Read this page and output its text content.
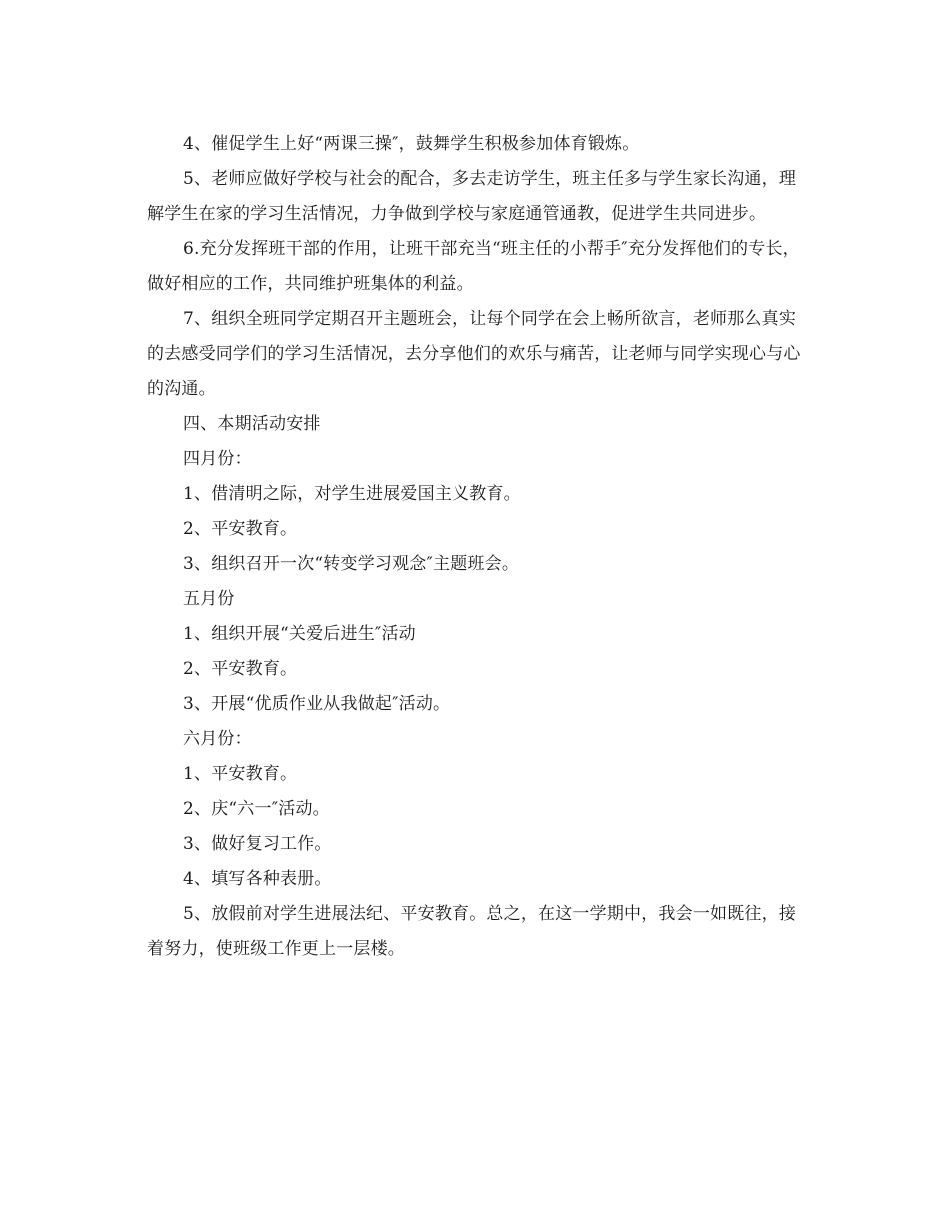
4、催促学生上好“两课三操″，鼓舞学生积极参加体育锻炼。

5、老师应做好学校与社会的配合，多去走访学生，班主任多与学生家长沟通，理解学生在家的学习生活情况，力争做到学校与家庭通管通教，促进学生共同进步。

6.充分发挥班干部的作用，让班干部充当“班主任的小帮手″充分发挥他们的专长，做好相应的工作，共同维护班集体的利益。

7、组织全班同学定期召开主题班会，让每个同学在会上畅所欲言，老师那么真实的去感受同学们的学习生活情况，去分享他们的欢乐与痛苦，让老师与同学实现心与心的沟通。

四、本期活动安排

四月份：

1、借清明之际，对学生进展爱国主义教育。

2、平安教育。

3、组织召开一次“转变学习观念″主题班会。

五月份

1、组织开展“关爱后进生″活动

2、平安教育。

3、开展“优质作业从我做起″活动。

六月份：

1、平安教育。

2、庆“六一″活动。

3、做好复习工作。

4、填写各种表册。

5、放假前对学生进展法纪、平安教育。总之，在这一学期中，我会一如既往，接着努力，使班级工作更上一层楼。
